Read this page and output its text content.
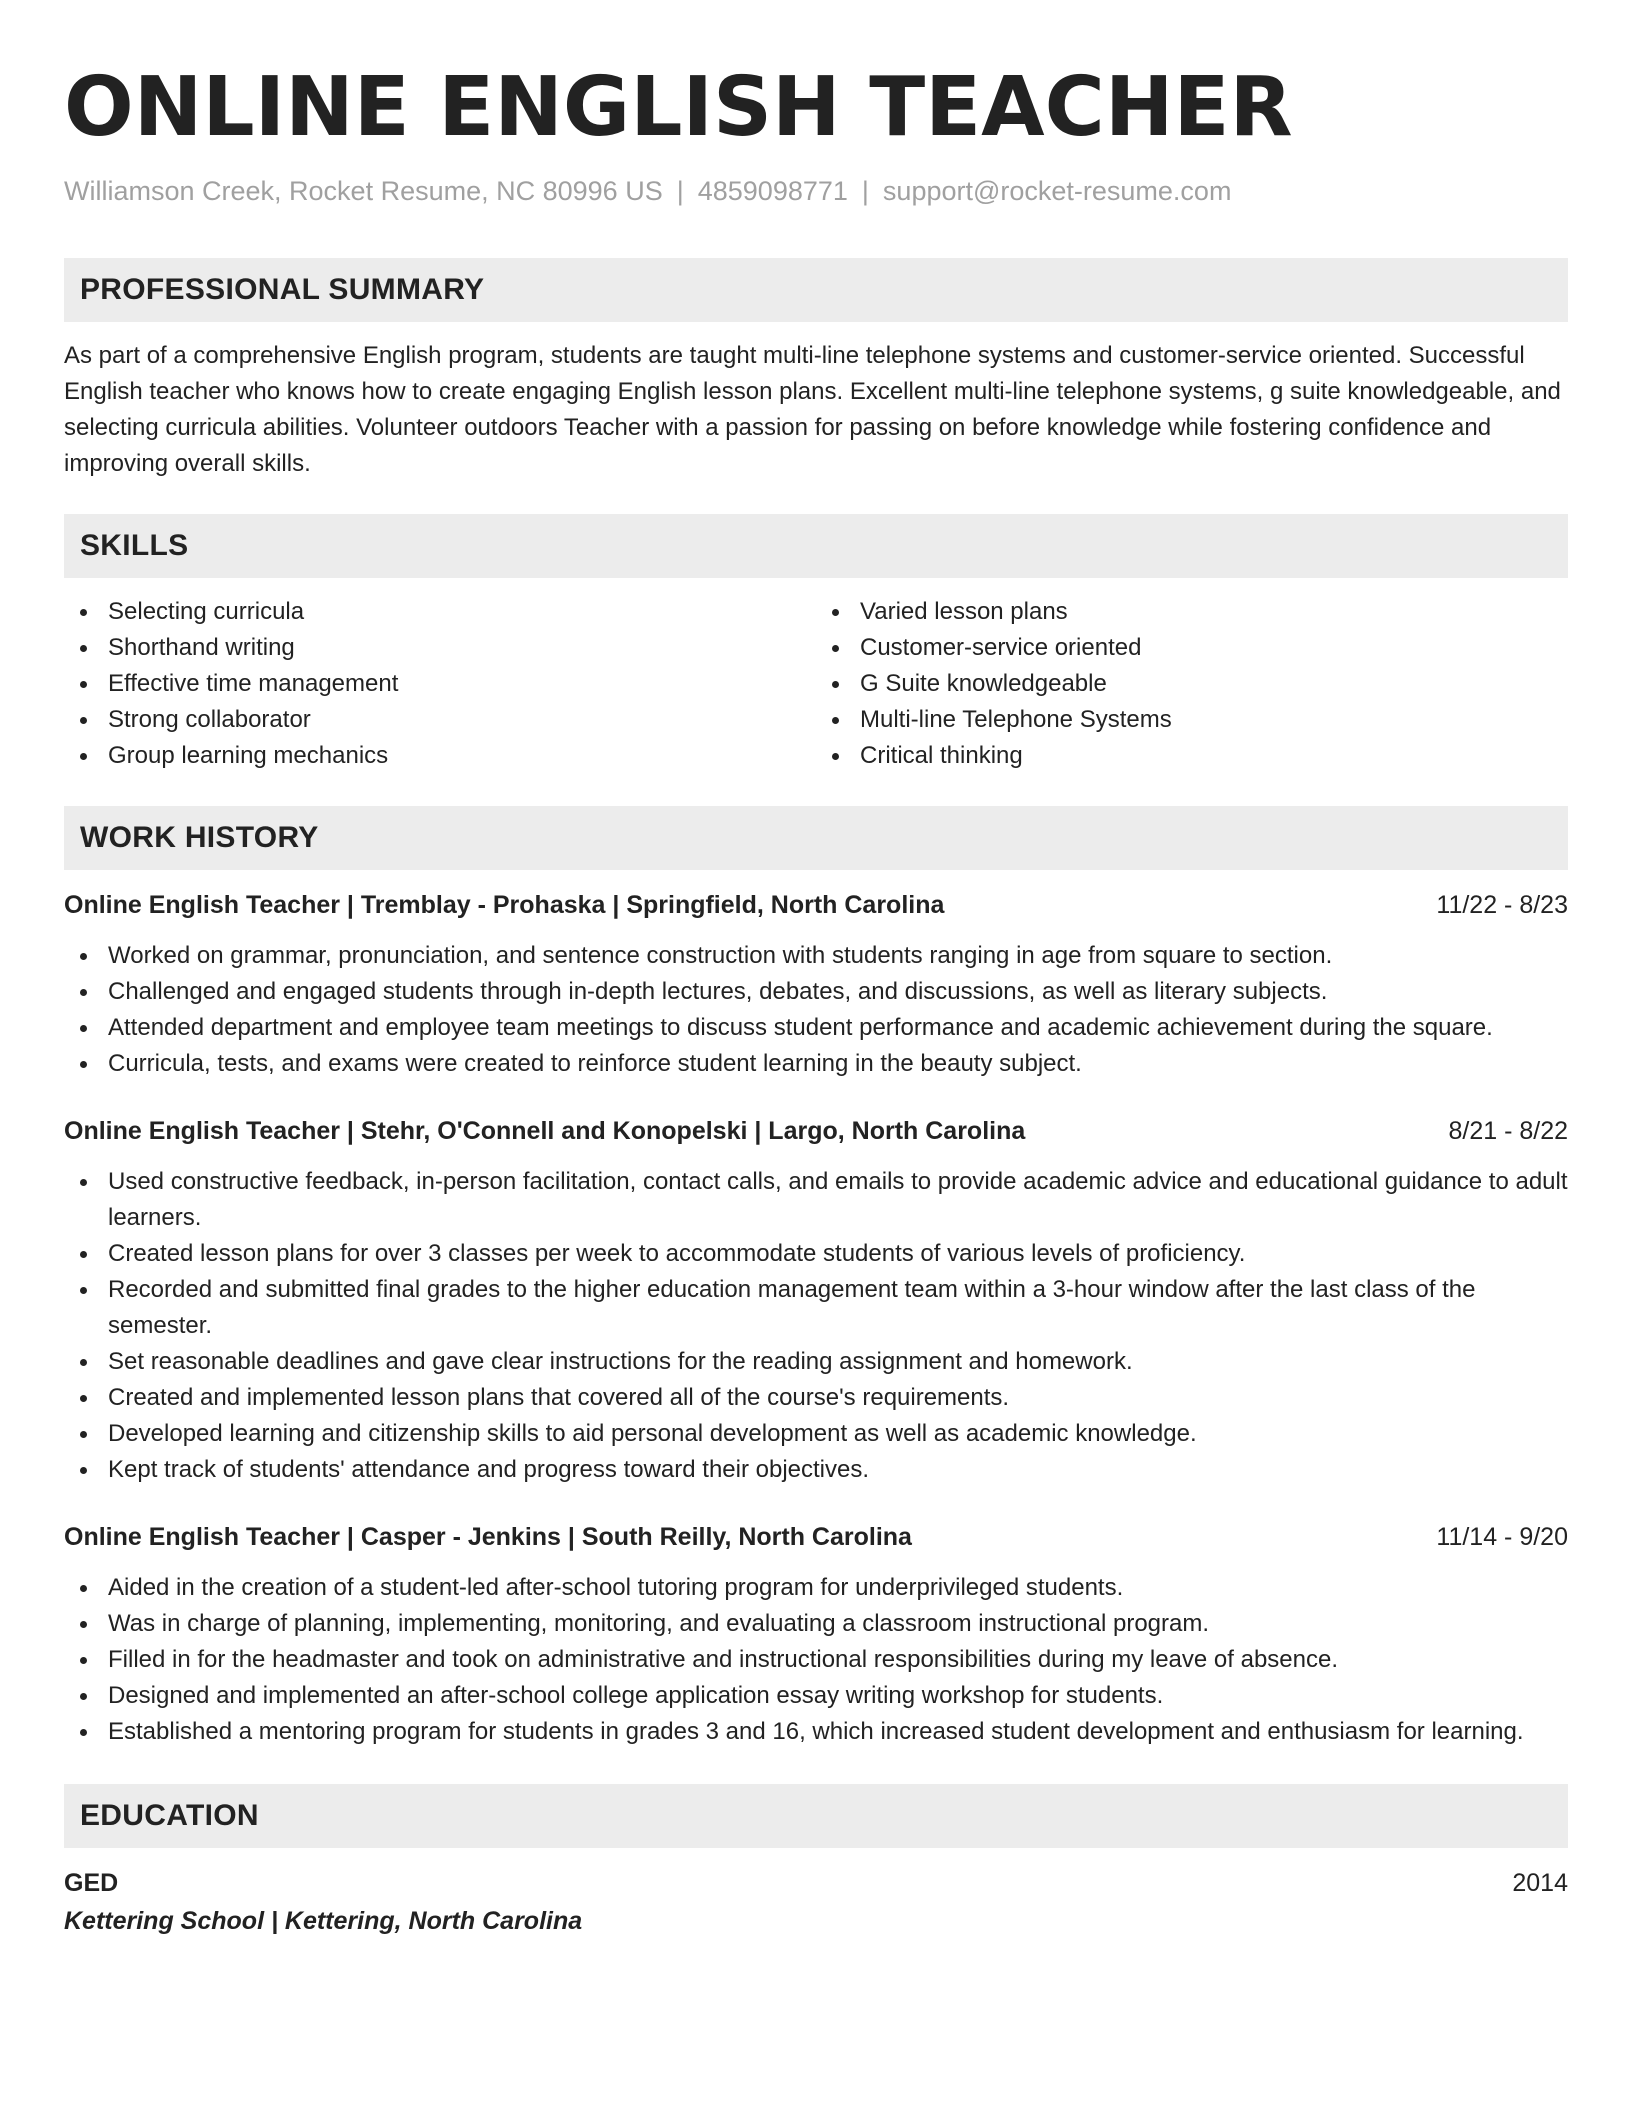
ONLINE ENGLISH TEACHER
Williamson Creek, Rocket Resume, NC 80996 US | 4859098771 | support@rocket-resume.com
PROFESSIONAL SUMMARY

As part of a comprehensive English program, students are taught multi-line telephone systems and customer-service oriented. Successful English teacher who knows how to create engaging English lesson plans. Excellent multi-line telephone systems, g suite knowledgeable, and selecting curricula abilities. Volunteer outdoors Teacher with a passion for passing on before knowledge while fostering confidence and improving overall skills.

SKILLS
Selecting curricula
Shorthand writing
Effective time management
Strong collaborator
Group learning mechanics
Varied lesson plans
Customer-service oriented
G Suite knowledgeable
Multi-line Telephone Systems
Critical thinking
WORK HISTORY
Online English Teacher | Tremblay - Prohaska | Springfield, North Carolina	11/22 - 8/23
Worked on grammar, pronunciation, and sentence construction with students ranging in age from square to section.
Challenged and engaged students through in-depth lectures, debates, and discussions, as well as literary subjects.
Attended department and employee team meetings to discuss student performance and academic achievement during the square.
Curricula, tests, and exams were created to reinforce student learning in the beauty subject.
Online English Teacher | Stehr, O'Connell and Konopelski | Largo, North Carolina	8/21 - 8/22
Used constructive feedback, in-person facilitation, contact calls, and emails to provide academic advice and educational guidance to adult learners.
Created lesson plans for over 3 classes per week to accommodate students of various levels of proficiency.
Recorded and submitted final grades to the higher education management team within a 3-hour window after the last class of the semester.
Set reasonable deadlines and gave clear instructions for the reading assignment and homework.
Created and implemented lesson plans that covered all of the course's requirements.
Developed learning and citizenship skills to aid personal development as well as academic knowledge.
Kept track of students' attendance and progress toward their objectives.
Online English Teacher | Casper - Jenkins | South Reilly, North Carolina	11/14 - 9/20
Aided in the creation of a student-led after-school tutoring program for underprivileged students.
Was in charge of planning, implementing, monitoring, and evaluating a classroom instructional program.
Filled in for the headmaster and took on administrative and instructional responsibilities during my leave of absence.
Designed and implemented an after-school college application essay writing workshop for students.
Established a mentoring program for students in grades 3 and 16, which increased student development and enthusiasm for learning.
EDUCATION
GED	2014
Kettering School | Kettering, North Carolina
